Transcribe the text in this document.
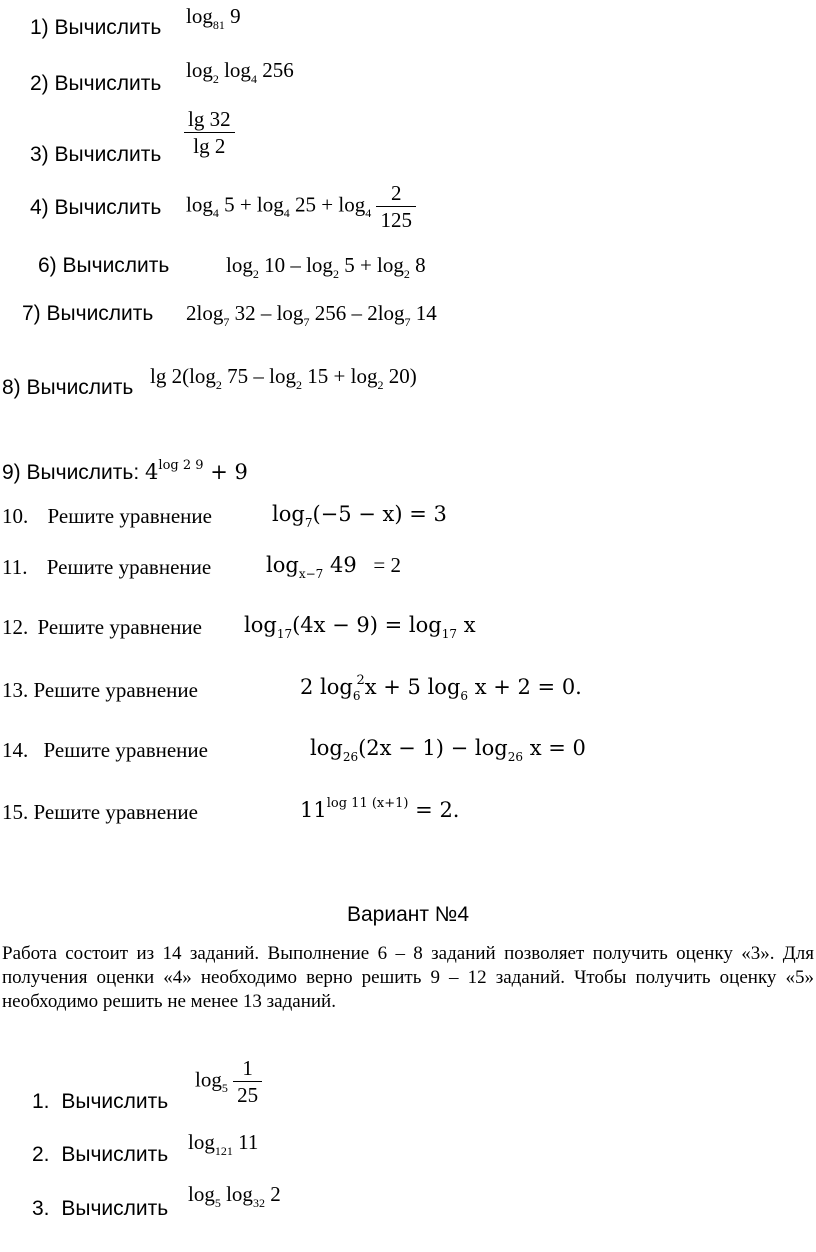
1) Вычислить $\log_{81} 9$
2) Вычислить
$\log_2 \log_4 256$
3) Вычислить $\frac{\lg 32}{\lg 2}$
4) Вычислить $\log_4 5 + \log_4 25 + \log_4 \frac{2}{125}$
6) Вычислить	$\log_2 10 - \log_2 5 + \log_2 8$
7) Вычислить $2\log_7$ $32 - \log_7 256 - 2\log_7$ 14
8) Вычислить $\lg 2(\log_2$ $75 - \log_2 15 + \log_2 20$)
9) Вычислить: $4^{log 2 9} + 9$
10. Решите уравнение	$\log_7(-5 - x) = 3$
11. Решите уравнение	$\log_{x-7} 49 = 2$
12. Решите уравнение $\log_{17}(4x - 9) = \log_{17} x$
13. Решите уравнение	2 $\log_6^2x + 5$ $\log_6 x + 2 = 0$.
14. Решите уравнение	$\log_{26}(2x - 1) - \log_{26} x = 0$
15. Решите уравнение	$11^{log 11 (x+1)} = 2$.
Вариант №4
Работа состоит из 14 заданий. Выполнение 6 – 8 заданий позволяет получить оценку «3». Для получения оценки «4» необходимо верно решить 9 – 12 заданий. Чтобы получить оценку «5» необходимо решить не менее 13 заданий.
1. Вычислить
$\log_5 \frac{1}{25}$
2. Вычислить
$\log_{121} 11$
3. Вычислить
$\log_5 \log_{32} 2$
